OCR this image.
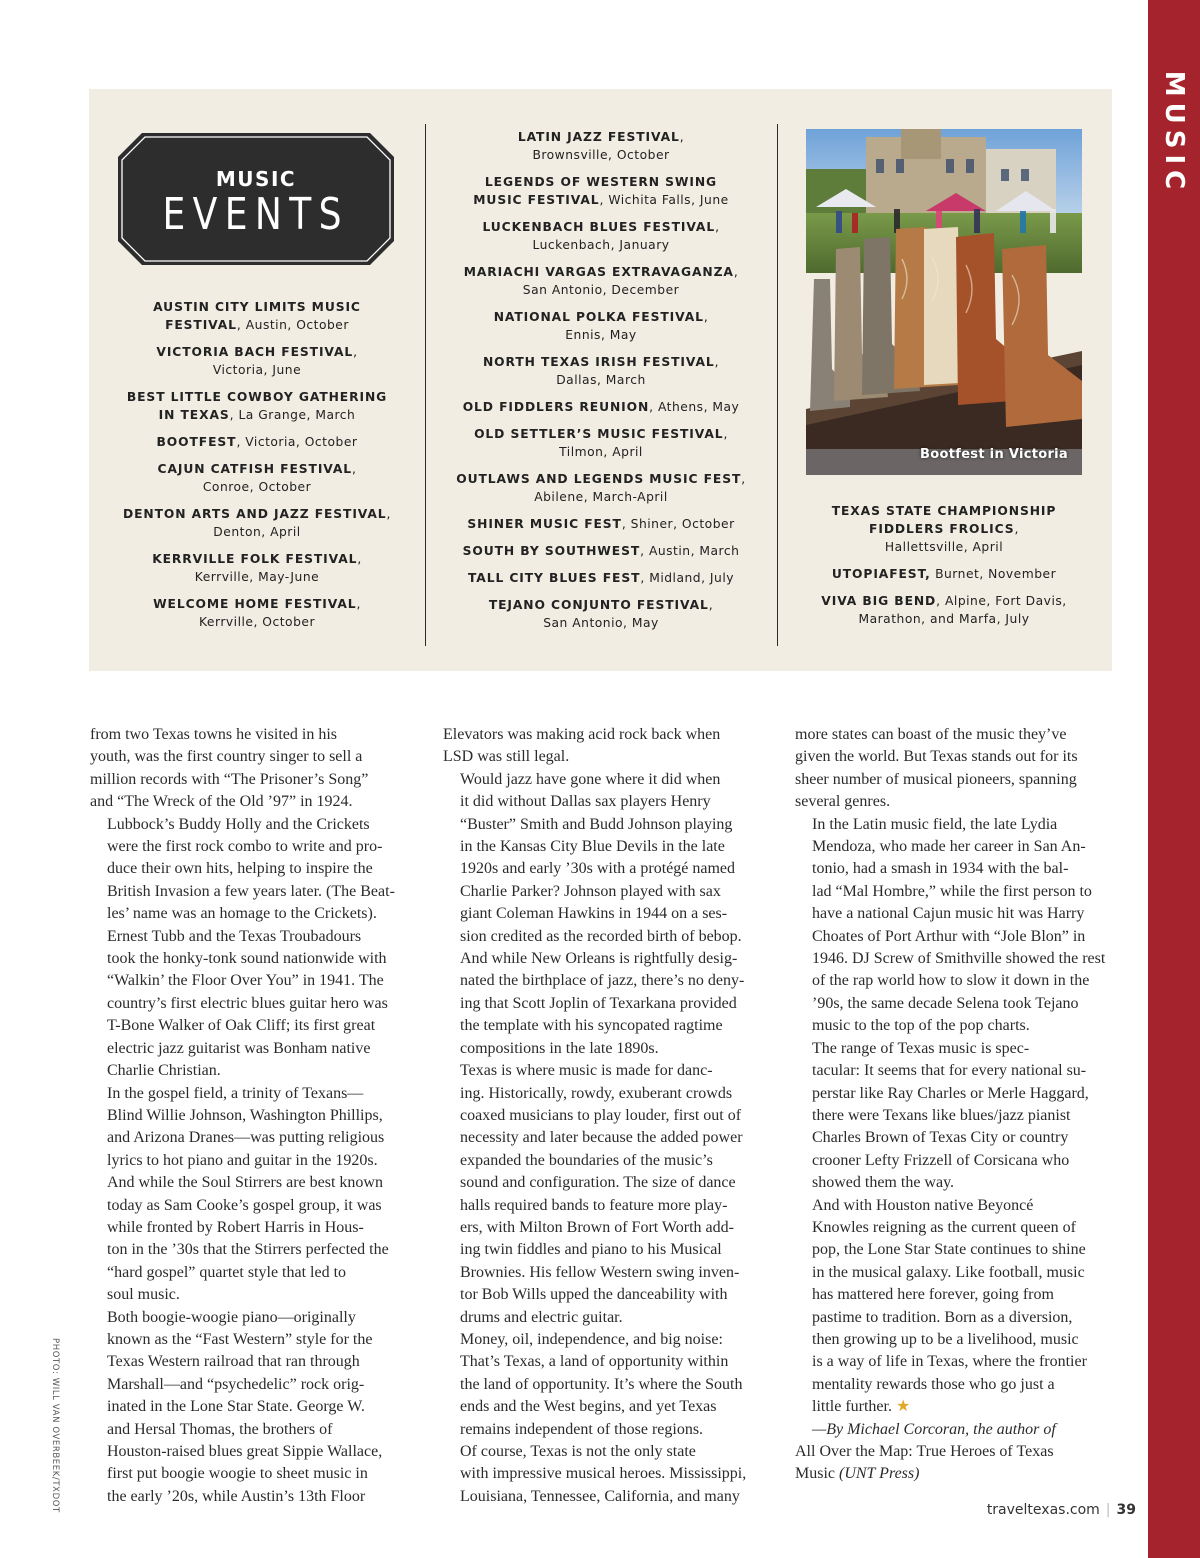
MUSIC
MUSIC
EVENTS
AUSTIN CITY LIMITS MUSIC
FESTIVAL, Austin, October
VICTORIA BACH FESTIVAL,
Victoria, June
BEST LITTLE COWBOY GATHERING
IN TEXAS, La Grange, March
BOOTFEST, Victoria, October
CAJUN CATFISH FESTIVAL,
Conroe, October
DENTON ARTS AND JAZZ FESTIVAL,
Denton, April
KERRVILLE FOLK FESTIVAL,
Kerrville, May-June
WELCOME HOME FESTIVAL,
Kerrville, October
LATIN JAZZ FESTIVAL,
Brownsville, October
LEGENDS OF WESTERN SWING
MUSIC FESTIVAL, Wichita Falls, June
LUCKENBACH BLUES FESTIVAL,
Luckenbach, January
MARIACHI VARGAS EXTRAVAGANZA,
San Antonio, December
NATIONAL POLKA FESTIVAL,
Ennis, May
NORTH TEXAS IRISH FESTIVAL,
Dallas, March
OLD FIDDLERS REUNION, Athens, May
OLD SETTLER’S MUSIC FESTIVAL,
Tilmon, April
OUTLAWS AND LEGENDS MUSIC FEST,
Abilene, March-April
SHINER MUSIC FEST, Shiner, October
SOUTH BY SOUTHWEST, Austin, March
TALL CITY BLUES FEST, Midland, July
TEJANO CONJUNTO FESTIVAL,
San Antonio, May
TEXAS STATE CHAMPIONSHIP
FIDDLERS FROLICS,
Hallettsville, April
UTOPIAFEST, Burnet, November
VIVA BIG BEND, Alpine, Fort Davis,
Marathon, and Marfa, July
Bootfest in Victoria

from two Texas towns he visited in his
youth, was the first country singer to sell a
million records with “The Prisoner’s Song”
and “The Wreck of the Old ’97” in 1924.

Lubbock’s Buddy Holly and the Crickets
were the first rock combo to write and pro-
duce their own hits, helping to inspire the
British Invasion a few years later. (The Beat-
les’ name was an homage to the Crickets).
Ernest Tubb and the Texas Troubadours
took the honky-tonk sound nationwide with
“Walkin’ the Floor Over You” in 1941. The
country’s first electric blues guitar hero was
T-Bone Walker of Oak Cliff; its first great
electric jazz guitarist was Bonham native
Charlie Christian.

In the gospel field, a trinity of Texans—
Blind Willie Johnson, Washington Phillips,
and Arizona Dranes—was putting religious
lyrics to hot piano and guitar in the 1920s.
And while the Soul Stirrers are best known
today as Sam Cooke’s gospel group, it was
while fronted by Robert Harris in Hous-
ton in the ’30s that the Stirrers perfected the
“hard gospel” quartet style that led to
soul music.

Both boogie-woogie piano—originally
known as the “Fast Western” style for the
Texas Western railroad that ran through
Marshall—and “psychedelic” rock orig-
inated in the Lone Star State. George W.
and Hersal Thomas, the brothers of
Houston-raised blues great Sippie Wallace,
first put boogie woogie to sheet music in
the early ’20s, while Austin’s 13th Floor

Elevators was making acid rock back when
LSD was still legal.

Would jazz have gone where it did when
it did without Dallas sax players Henry
“Buster” Smith and Budd Johnson playing
in the Kansas City Blue Devils in the late
1920s and early ’30s with a protégé named
Charlie Parker? Johnson played with sax
giant Coleman Hawkins in 1944 on a ses-
sion credited as the recorded birth of bebop.
And while New Orleans is rightfully desig-
nated the birthplace of jazz, there’s no deny-
ing that Scott Joplin of Texarkana provided
the template with his syncopated ragtime
compositions in the late 1890s.

Texas is where music is made for danc-
ing. Historically, rowdy, exuberant crowds
coaxed musicians to play louder, first out of
necessity and later because the added power
expanded the boundaries of the music’s
sound and configuration. The size of dance
halls required bands to feature more play-
ers, with Milton Brown of Fort Worth add-
ing twin fiddles and piano to his Musical
Brownies. His fellow Western swing inven-
tor Bob Wills upped the danceability with
drums and electric guitar.

Money, oil, independence, and big noise:
That’s Texas, a land of opportunity within
the land of opportunity. It’s where the South
ends and the West begins, and yet Texas
remains independent of those regions.

Of course, Texas is not the only state
with impressive musical heroes. Mississippi,
Louisiana, Tennessee, California, and many

more states can boast of the music they’ve
given the world. But Texas stands out for its
sheer number of musical pioneers, spanning
several genres.

In the Latin music field, the late Lydia
Mendoza, who made her career in San An-
tonio, had a smash in 1934 with the bal-
lad “Mal Hombre,” while the first person to
have a national Cajun music hit was Harry
Choates of Port Arthur with “Jole Blon” in
1946. DJ Screw of Smithville showed the rest
of the rap world how to slow it down in the
’90s, the same decade Selena took Tejano
music to the top of the pop charts.

The range of Texas music is spec-
tacular: It seems that for every national su-
perstar like Ray Charles or Merle Haggard,
there were Texans like blues/jazz pianist
Charles Brown of Texas City or country
crooner Lefty Frizzell of Corsicana who
showed them the way.

And with Houston native Beyoncé
Knowles reigning as the current queen of
pop, the Lone Star State continues to shine
in the musical galaxy. Like football, music
has mattered here forever, going from
pastime to tradition. Born as a diversion,
then growing up to be a livelihood, music
is a way of life in Texas, where the frontier
mentality rewards those who go just a
little further. ★

—By Michael Corcoran, the author of
All Over the Map: True Heroes of Texas
Music (UNT Press)

PHOTO: WILL VAN OVERBEEK/TXDOT	traveltexas.com | 39
